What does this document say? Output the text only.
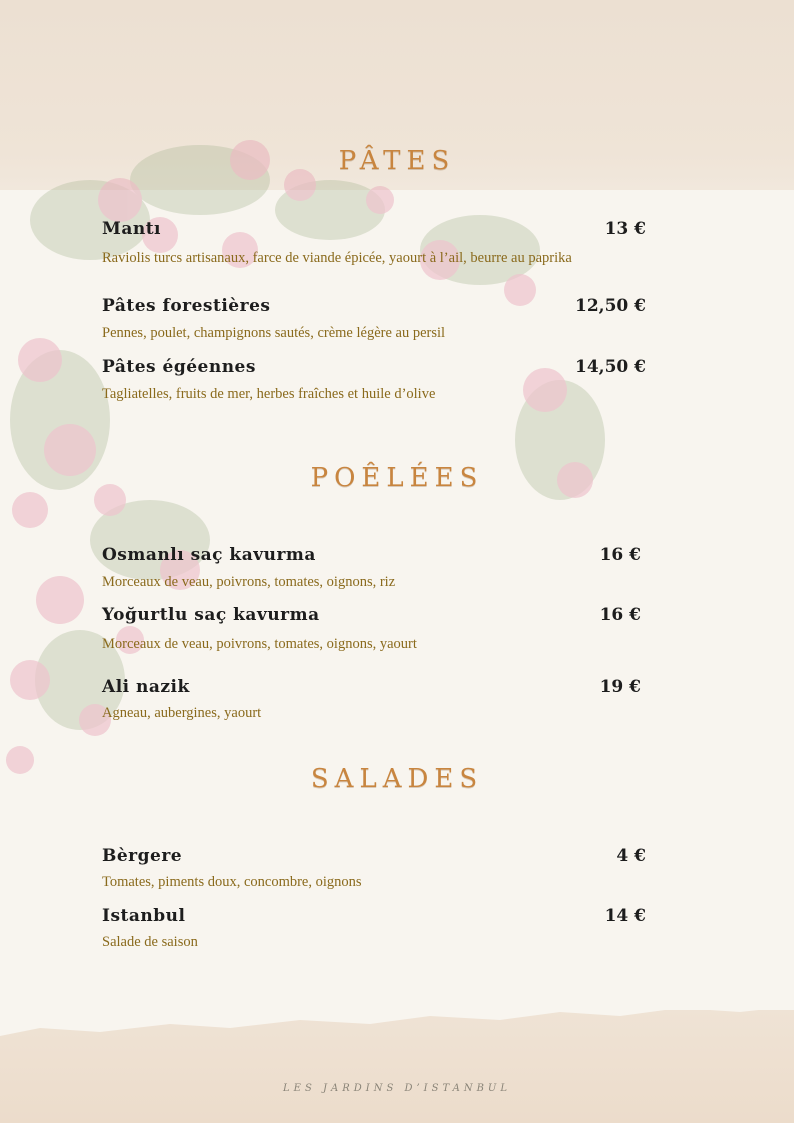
PÂTES

Mantı	13 €

Raviolis turcs artisanaux, farce de viande épicée, yaourt à l’ail, beurre au paprika

Pâtes forestières	12,50 €

Pennes, poulet, champignons sautés, crème légère au persil

Pâtes égéennes	14,50 €

Tagliatelles, fruits de mer, herbes fraîches et huile d’olive

POÊLÉES

Osmanlı saç kavurma	16 €

Morceaux de veau, poivrons, tomates, oignons, riz

Yoğurtlu saç kavurma	16 €

Morceaux de veau, poivrons, tomates, oignons, yaourt

Ali nazik	19 €

Agneau, aubergines, yaourt

SALADES

Bèrgere	4 €

Tomates, piments doux, concombre, oignons

Istanbul	14 €

Salade de saison

LES JARDINS D’ISTANBUL
